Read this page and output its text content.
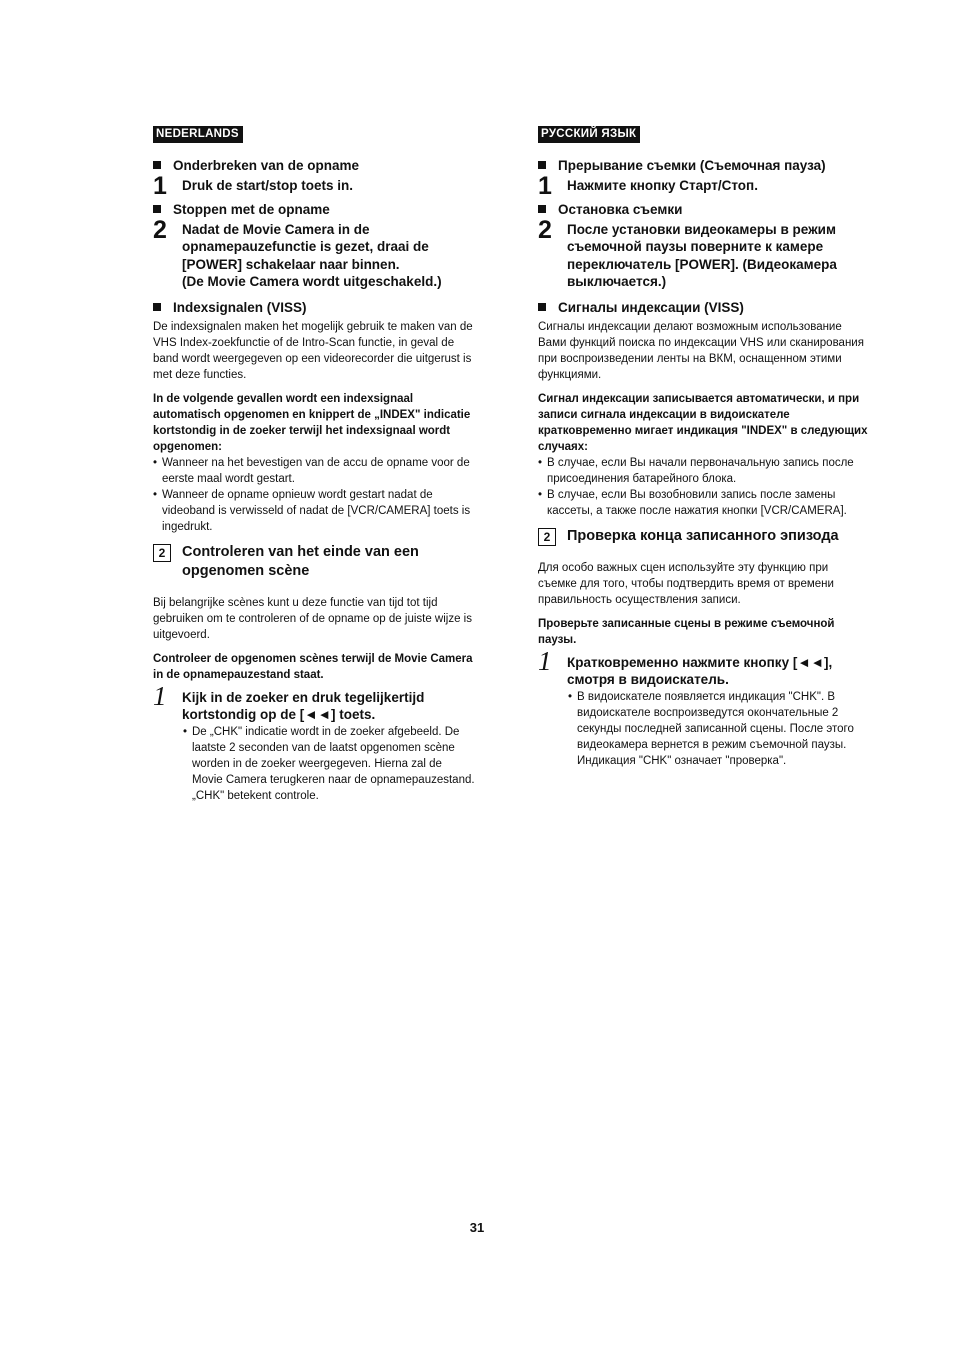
NEDERLANDS
Onderbreken van de opname
1 Druk de start/stop toets in.
Stoppen met de opname
2 Nadat de Movie Camera in de opnamepauzefunctie is gezet, draai de [POWER] schakelaar naar binnen.
(De Movie Camera wordt uitgeschakeld.)
Indexsignalen (VISS)

De indexsignalen maken het mogelijk gebruik te maken van de VHS Index-zoekfunctie of de Intro-Scan functie, in geval de band wordt weergegeven op een videorecorder die uitgerust is met deze functies.

In de volgende gevallen wordt een indexsignaal automatisch opgenomen en knippert de „INDEX" indicatie kortstondig in de zoeker terwijl het indexsignaal wordt opgenomen:

• Wanneer na het bevestigen van de accu de opname voor de eerste maal wordt gestart.
• Wanneer de opname opnieuw wordt gestart nadat de videoband is verwisseld of nadat de [VCR/CAMERA] toets is ingedrukt.
2	Controleren van het einde van een opgenomen scène

Bij belangrijke scènes kunt u deze functie van tijd tot tijd gebruiken om te controleren of de opname op de juiste wijze is uitgevoerd.

Controleer de opgenomen scènes terwijl de Movie Camera in de opnamepauzestand staat.

1 Kijk in de zoeker en druk tegelijkertijd kortstondig op de [◄◄] toets.
• De „CHK" indicatie wordt in de zoeker afgebeeld. De laatste 2 seconden van de laatst opgenomen scène worden in de zoeker weergegeven. Hierna zal de Movie Camera terugkeren naar de opnamepauzestand. „CHK" betekent controle.
РУССКИЙ ЯЗЫК
Прерывание съемки (Съемочная пауза)
1 Нажмите кнопку Старт/Стоп.
Остановка съемки
2 После установки видеокамеры в режим съемочной паузы поверните к камере переключатель [POWER]. (Видеокамера выключается.)
Сигналы индексации (VISS)

Сигналы индексации делают возможным использование Вами функций поиска по индексации VHS или сканирования при воспроизведении ленты на ВКМ, оснащенном этими функциями.

Сигнал индексации записывается автоматически, и при записи сигнала индексации в видоискателе кратковременно мигает индикация "INDEX" в следующих случаях:

• В случае, если Вы начали первоначальную запись после присоединения батарейного блока.
• В случае, если Вы возобновили запись после замены кассеты, а также после нажатия кнопки [VCR/CAMERA].
2	Проверка конца записанного эпизода

Для особо важных сцен используйте эту функцию при съемке для того, чтобы подтвердить время от времени правильность осуществления записи.

Проверьте записанные сцены в режиме съемочной паузы.

1 Кратковременно нажмите кнопку [◄◄], смотря в видоискатель.
• В видоискателе появляется индикация "CHK". В видоискателе воспроизведутся окончательные 2 секунды последней записанной сцены. После этого видеокамера вернется в режим съемочной паузы. Индикация "CHK" означает "проверка".
31
